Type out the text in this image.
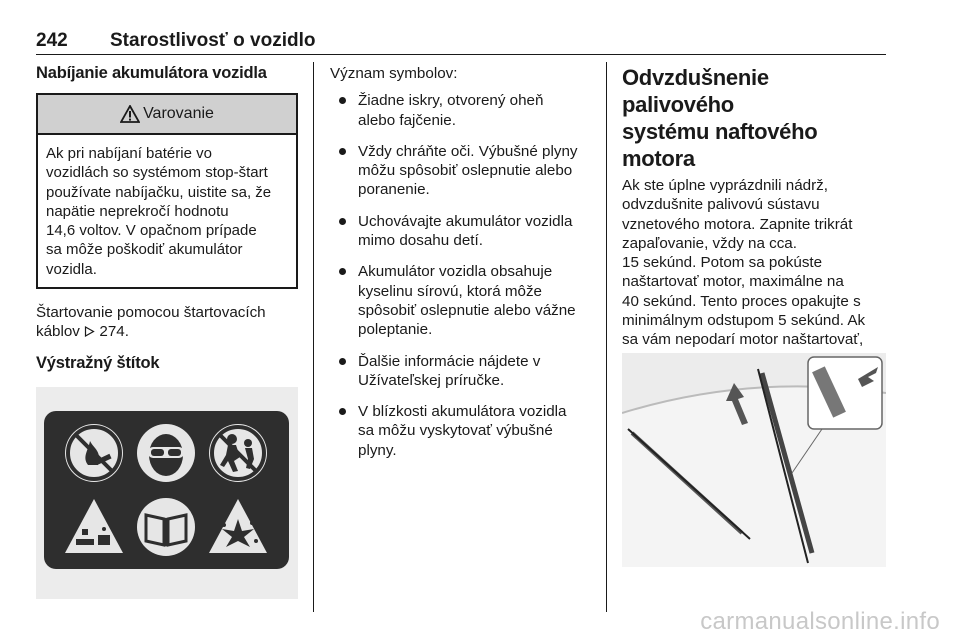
242 Starostlivosť o vozidlo
Nabíjanie akumulátora vozidla
Varovanie
Ak pri nabíjaní batérie vo
vozidlách so systémom stop-štart
používate nabíjačku, uistite sa, že
napätie neprekročí hodnotu
14,6 voltov. V opačnom prípade
sa môže poškodiť akumulátor
vozidla.
Štartovanie pomocou štartovacích
káblov 274.
Výstražný štítok
Význam symbolov:
Žiadne iskry, otvorený oheň
alebo fajčenie.
Vždy chráňte oči. Výbušné plyny
môžu spôsobiť oslepnutie alebo
poranenie.
Uchovávajte akumulátor vozidla
mimo dosahu detí.
Akumulátor vozidla obsahuje
kyselinu sírovú, ktorá môže
spôsobiť oslepnutie alebo vážne
poleptanie.
Ďalšie informácie nájdete v
Užívateľskej príručke.
V blízkosti akumulátora vozidla
sa môžu vyskytovať výbušné
plyny.
Odvzdušnenie palivového
systému naftového motora
Ak ste úplne vyprázdnili nádrž,
odvzdušnite palivovú sústavu
vznetového motora. Zapnite trikrát
zapaľovanie, vždy na cca.
15 sekúnd. Potom sa pokúste
naštartovať motor, maximálne na
40 sekúnd. Tento proces opakujte s
minimálnym odstupom 5 sekúnd. Ak
sa vám nepodarí motor naštartovať,
carmanualsonline.info
